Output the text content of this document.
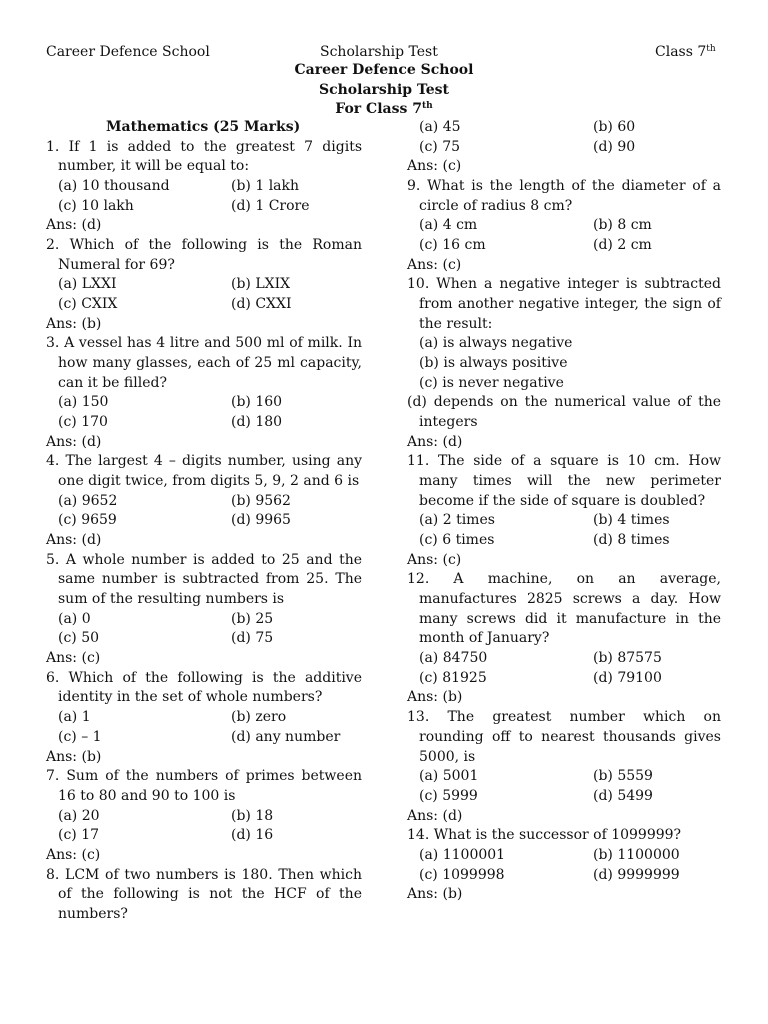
Career Defence School	Scholarship Test	Class 7th
Career Defence School
Scholarship Test
For Class 7th
Mathematics (25 Marks)
1. If 1 is added to the greatest 7 digits number, it will be equal to:
(a) 10 thousand	(b) 1 lakh
(c) 10 lakh	(d) 1 Crore
Ans: (d)
2. Which of the following is the Roman Numeral for 69?
(a) LXXI	(b) LXIX
(c) CXIX	(d) CXXI
Ans: (b)
3. A vessel has 4 litre and 500 ml of milk. In how many glasses, each of 25 ml capacity, can it be filled?
(a) 150	(b) 160
(c) 170	(d) 180
Ans: (d)
4. The largest 4 – digits number, using any one digit twice, from digits 5, 9, 2 and 6 is
(a) 9652	(b) 9562
(c) 9659	(d) 9965
Ans: (d)
5. A whole number is added to 25 and the same number is subtracted from 25. The sum of the resulting numbers is
(a) 0	(b) 25
(c) 50	(d) 75
Ans: (c)
6. Which of the following is the additive identity in the set of whole numbers?
(a) 1	(b) zero
(c) – 1	(d) any number
Ans: (b)
7. Sum of the numbers of primes between 16 to 80 and 90 to 100 is
(a) 20	(b) 18
(c) 17	(d) 16
Ans: (c)
8. LCM of two numbers is 180. Then which of the following is not the HCF of the numbers?
(a) 45	(b) 60
(c) 75	(d) 90
Ans: (c)
9. What is the length of the diameter of a circle of radius 8 cm?
(a) 4 cm	(b) 8 cm
(c) 16 cm	(d) 2 cm
Ans: (c)
10. When a negative integer is subtracted from another negative integer, the sign of the result:
(a) is always negative
(b) is always positive
(c) is never negative
(d) depends on the numerical value of the integers
Ans: (d)
11. The side of a square is 10 cm. How many times will the new perimeter become if the side of square is doubled?
(a) 2 times	(b) 4 times
(c) 6 times	(d) 8 times
Ans: (c)
12. A machine, on an average, manufactures 2825 screws a day. How many screws did it manufacture in the month of January?
(a) 84750	(b) 87575
(c) 81925	(d) 79100
Ans: (b)
13. The greatest number which on rounding off to nearest thousands gives 5000, is
(a) 5001	(b) 5559
(c) 5999	(d) 5499
Ans: (d)
14. What is the successor of 1099999?
(a) 1100001	(b) 1100000
(c) 1099998	(d) 9999999
Ans: (b)
